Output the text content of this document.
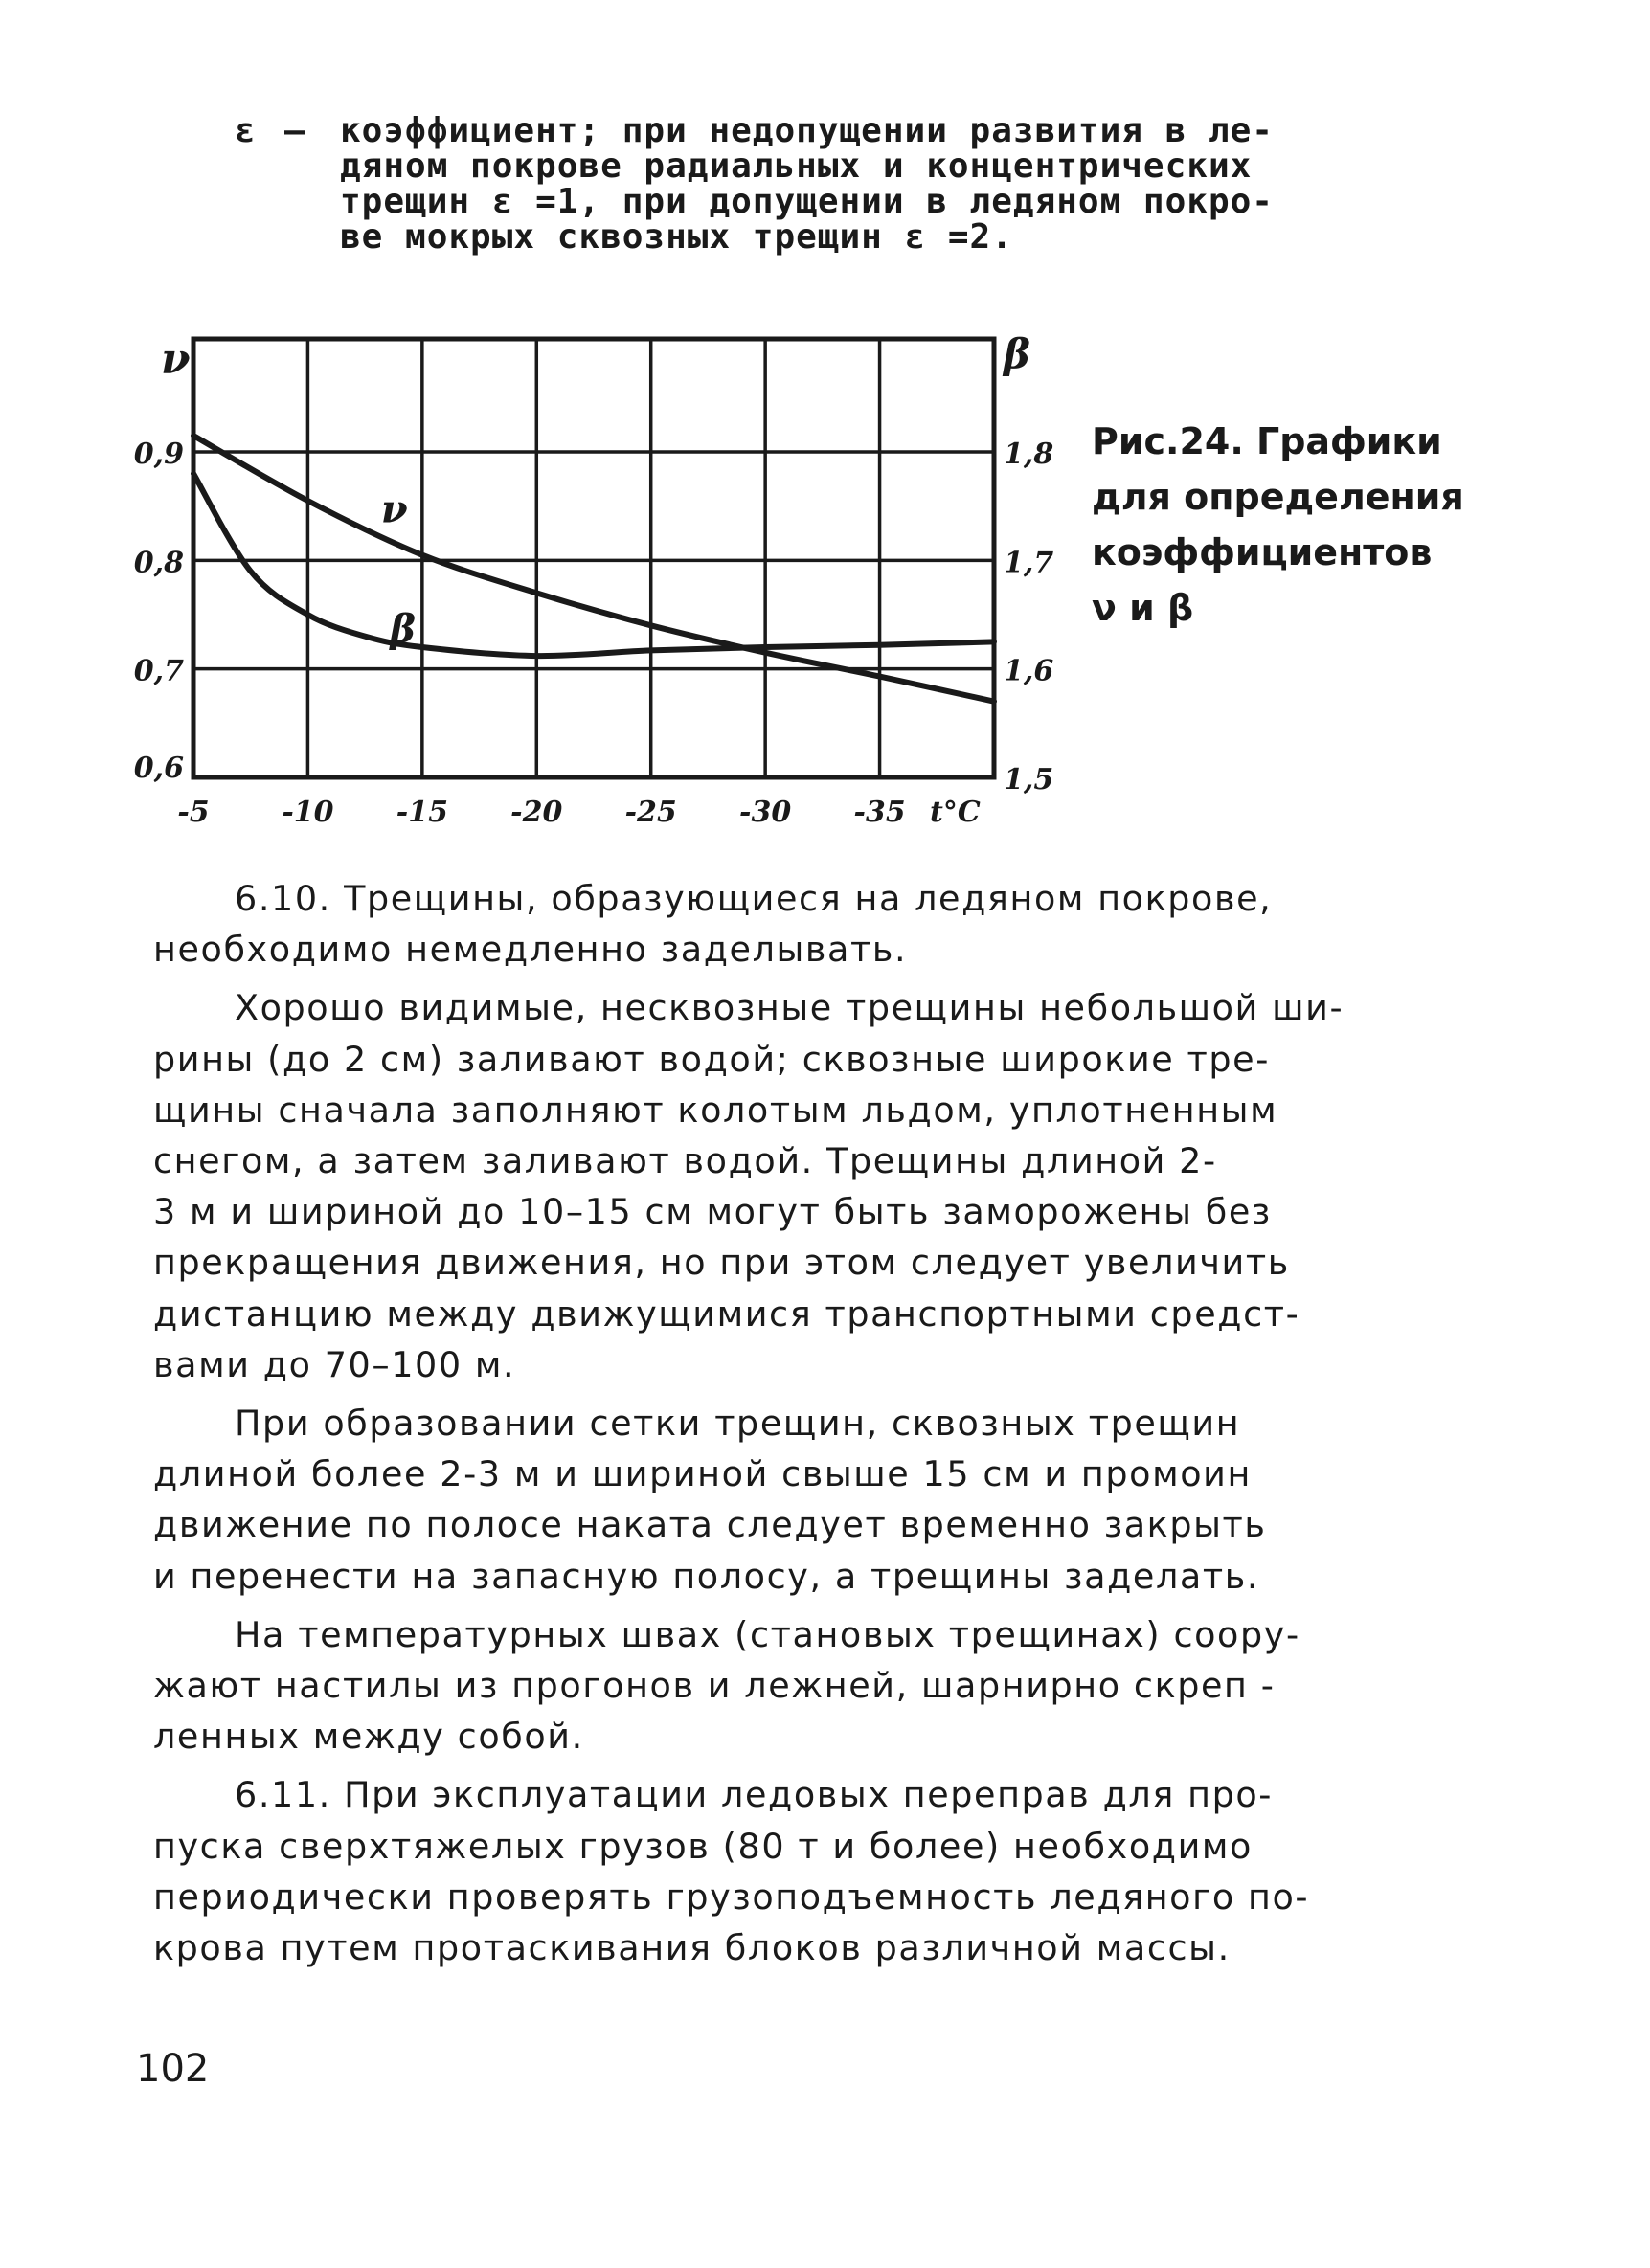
ε – коэффициент; при недопущении развития в ле-
дяном покрове радиальных и концентрических
трещин ε =1, при допущении в ледяном покро-
ве мокрых сквозных трещин ε =2.
0,6
0,7
0,8
0,9
1,5
1,6
1,7
1,8
ν	β
-5	-10 -15 -20 -25 -30 -35 t°C
ν
β
Рис.24. Графики
для определения
коэффициентов
ν и β

6.10. Трещины, образующиеся на ледяном покрове,
необходимо немедленно заделывать.

Хорошо видимые, несквозные трещины небольшой ши-
рины (до 2 см) заливают водой; сквозные широкие тре-
щины сначала заполняют колотым льдом, уплотненным
снегом, а затем заливают водой. Трещины длиной 2-
3 м и шириной до 10–15 см могут быть заморожены без
прекращения движения, но при этом следует увеличить
дистанцию между движущимися транспортными средст-
вами до 70–100 м.

При образовании сетки трещин, сквозных трещин
длиной более 2-3 м и шириной свыше 15 см и промоин
движение по полосе наката следует временно закрыть
и перенести на запасную полосу, а трещины заделать.

На температурных швах (становых трещинах) соору-
жают настилы из прогонов и лежней, шарнирно скреп -
ленных между собой.

6.11. При эксплуатации ледовых переправ для про-
пуска сверхтяжелых грузов (80 т и более) необходимо
периодически проверять грузоподъемность ледяного по-
крова путем протаскивания блоков различной массы.

102
